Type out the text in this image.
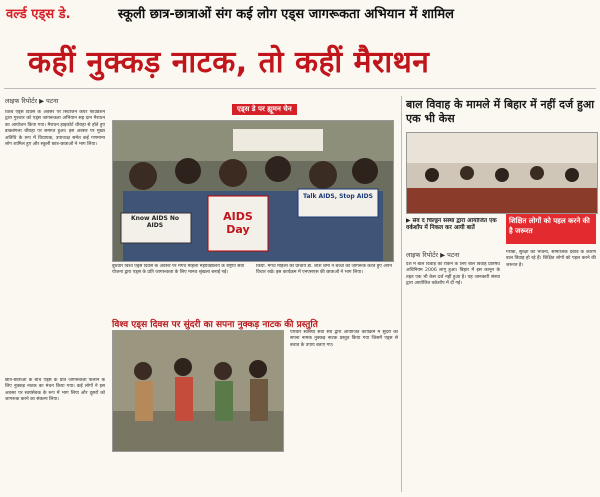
वर्ल्ड एड्स डे.	स्कूली छात्र-छात्राओं संग कई लोग एड्स जागरूकता अभियान में शामिल
कहीं नुक्कड़ नाटक, तो कहीं मैराथन
लाइफ रिपोर्टर ▶ पटना
विश्व एड्स दिवस के अवसर पर सिटीजन केयर फाउंडेशन द्वारा गुरुवार को एड्स जागरूकता अभियान सह दान मैराथन का आयोजन किया गया। मैराथन हाइकोर्ट चौराहा से होते हुए डाकबंगला चौराहा पर समाप्त हुआ। इस अवसर पर मुख्य अतिथि के रूप में विधायक, उपाध्यक्ष समेत कई गणमान्य लोग शामिल हुए और स्कूली छात्र-छात्राओं ने भाग लिया।
एड्स डे पर ह्यूमन चेन
AIDS Day
Talk AIDS, Stop AIDS
Know AIDS No AIDS
बुधवार विश्व एड्स दिवस के अवसर पर मगध महिला महाविद्यालय के राष्ट्रीय सेवा योजना द्वारा एड्स के प्रति जागरूकता के लिए मानव श्रृंखला बनाई गई।
किया. मगध महिला की प्राचार्य डॉ. शशि शर्मा ने बच्चों को जागरूक करते हुए अपने विचार रखे। इस कार्यक्रम में एनएसएस की छात्राओं ने भाग लिया।
विश्व एड्स दिवस पर सुंदरी का सपना नुक्कड़ नाटक की प्रस्तुति
परिवार स्वास्थ्य सेवा संघ द्वारा आयोजित कार्यक्रम में सुंदरी का सपना नामक नुक्कड़ नाटक प्रस्तुत किया गया जिसमें एड्स से बचाव के उपाय बताए गए।
छात्र-छात्राओं के बीच एड्स के प्रति जागरूकता फैलाने के लिए नुक्कड़ नाटक का मंचन किया गया। कई लोगों ने इस अवसर पर स्वयंसेवक के रूप में भाग लिया और दूसरों को जागरूक करने का संकल्प लिया।
बाल विवाह के मामले में बिहार में नहीं दर्ज हुआ एक भी केस
▶ सेव द चिल्ड्रन संस्था द्वारा आयोजित एक वर्कशॉप में निकल कर आयी बातें
शिक्षित लोगों को पहल करने की है जरूरत
लाइफ रिपोर्टर ▶ पटना
देश में बाल विवाह को रोकने के लिए बाल विवाह प्रतिषेध अधिनियम 2006 लागू हुआ। बिहार में इस कानून के तहत एक भी केस दर्ज नहीं हुआ है। यह जानकारी संस्था द्वारा आयोजित वर्कशॉप में दी गई।
गरीबी, सुरक्षा की भावना, सामाजिक दबाव के कारण बाल विवाह हो रहे हैं। शिक्षित लोगों को पहल करने की जरूरत है।
